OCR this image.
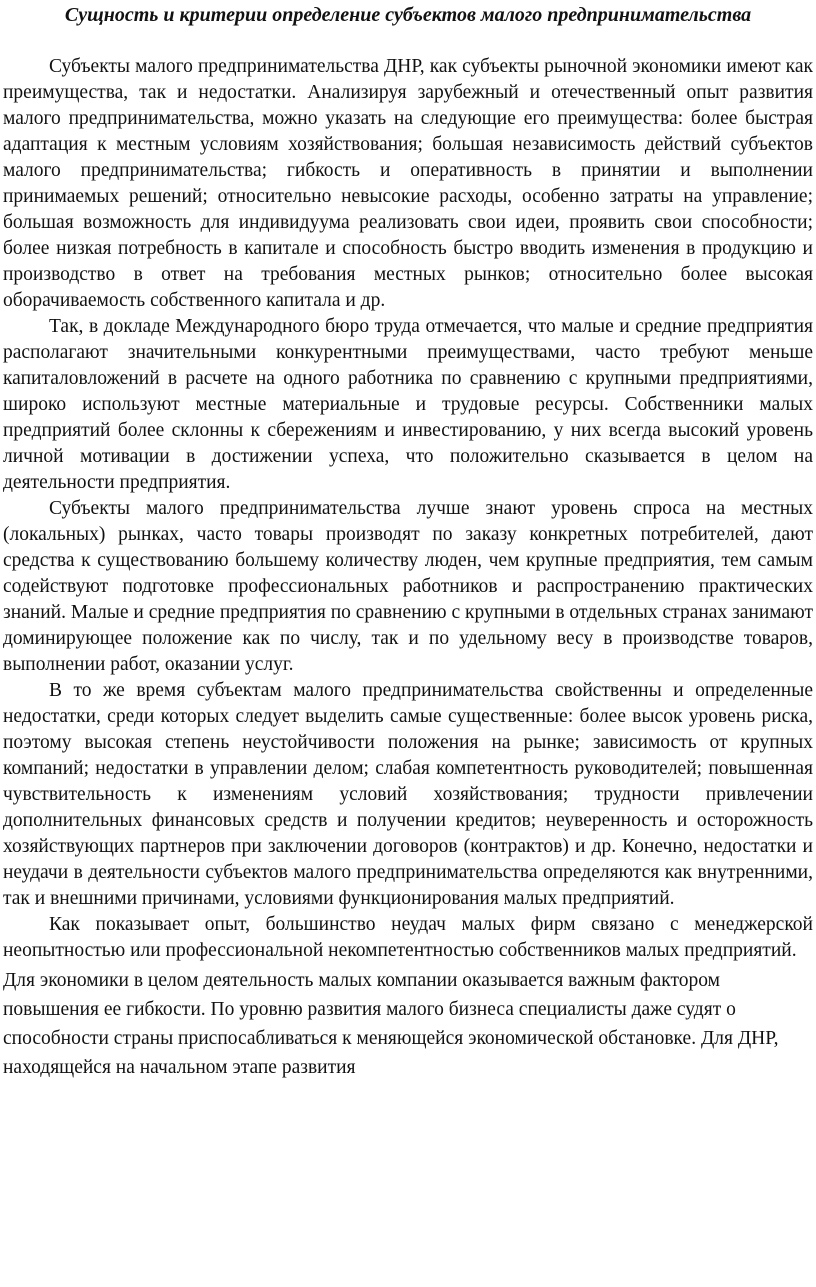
Сущность и критерии определение субъектов малого предпринимательства

Субъекты малого предпринимательства ДНР, как субъекты рыночной экономики имеют как преимущества, так и недостатки. Анализируя зарубежный и отечественный опыт развития малого предпринимательства, можно указать на следующие его преимущества: более быстрая адаптация к местным условиям хозяйствования; большая независимость действий субъектов малого предпринимательства; гибкость и оперативность в принятии и выполнении принимаемых решений; относительно невысокие расходы, особенно затраты на управление; большая возможность для индивидуума реализовать свои идеи, проявить свои способности; более низкая потребность в капитале и способность быстро вводить изменения в продукцию и производство в ответ на требования местных рынков; относительно более высокая оборачиваемость собственного капитала и др.

Так, в докладе Международного бюро труда отмечается, что малые и средние предприятия располагают значительными конкурентными преимуществами, часто требуют меньше капиталовложений в расчете на одного работника по сравнению с крупными предприятиями, широко используют местные материальные и трудовые ресурсы. Собственники малых предприятий более склонны к сбережениям и инвестированию, у них всегда высокий уровень личной мотивации в достижении успеха, что положительно сказывается в целом на деятельности предприятия.

Субъекты малого предпринимательства лучше знают уровень спроса на местных (локальных) рынках, часто товары производят по заказу конкретных потребителей, дают средства к существованию большему количеству люден, чем крупные предприятия, тем самым содействуют подготовке профессиональных работников и распространению практических знаний. Малые и средние предприятия по сравнению с крупными в отдельных странах занимают доминирующее положение как по числу, так и по удельному весу в производстве товаров, выполнении работ, оказании услуг.

В то же время субъектам малого предпринимательства свойственны и определенные недостатки, среди которых следует выделить самые существенные: более высок уровень риска, поэтому высокая степень неустойчивости положения на рынке; зависимость от крупных компаний; недостатки в управлении делом; слабая компетентность руководителей; повышенная чувствительность к изменениям условий хозяйствования; трудности привлечении дополнительных финансовых средств и получении кредитов; неуверенность и осторожность хозяйствующих партнеров при заключении договоров (контрактов) и др. Конечно, недостатки и неудачи в деятельности субъектов малого предпринимательства определяются как внутренними, так и внешними причинами, условиями функционирования малых предприятий.

Как показывает опыт, большинство неудач малых фирм связано с менеджерской неопытностью или профессиональной некомпетентностью собственников малых предприятий.

Для экономики в целом деятельность малых компании оказывается важным фактором повышения ее гибкости. По уровню развития малого бизнеса специалисты даже судят о способности страны приспосабливаться к меняющейся экономической обстановке. Для ДНР, находящейся на начальном этапе развития
